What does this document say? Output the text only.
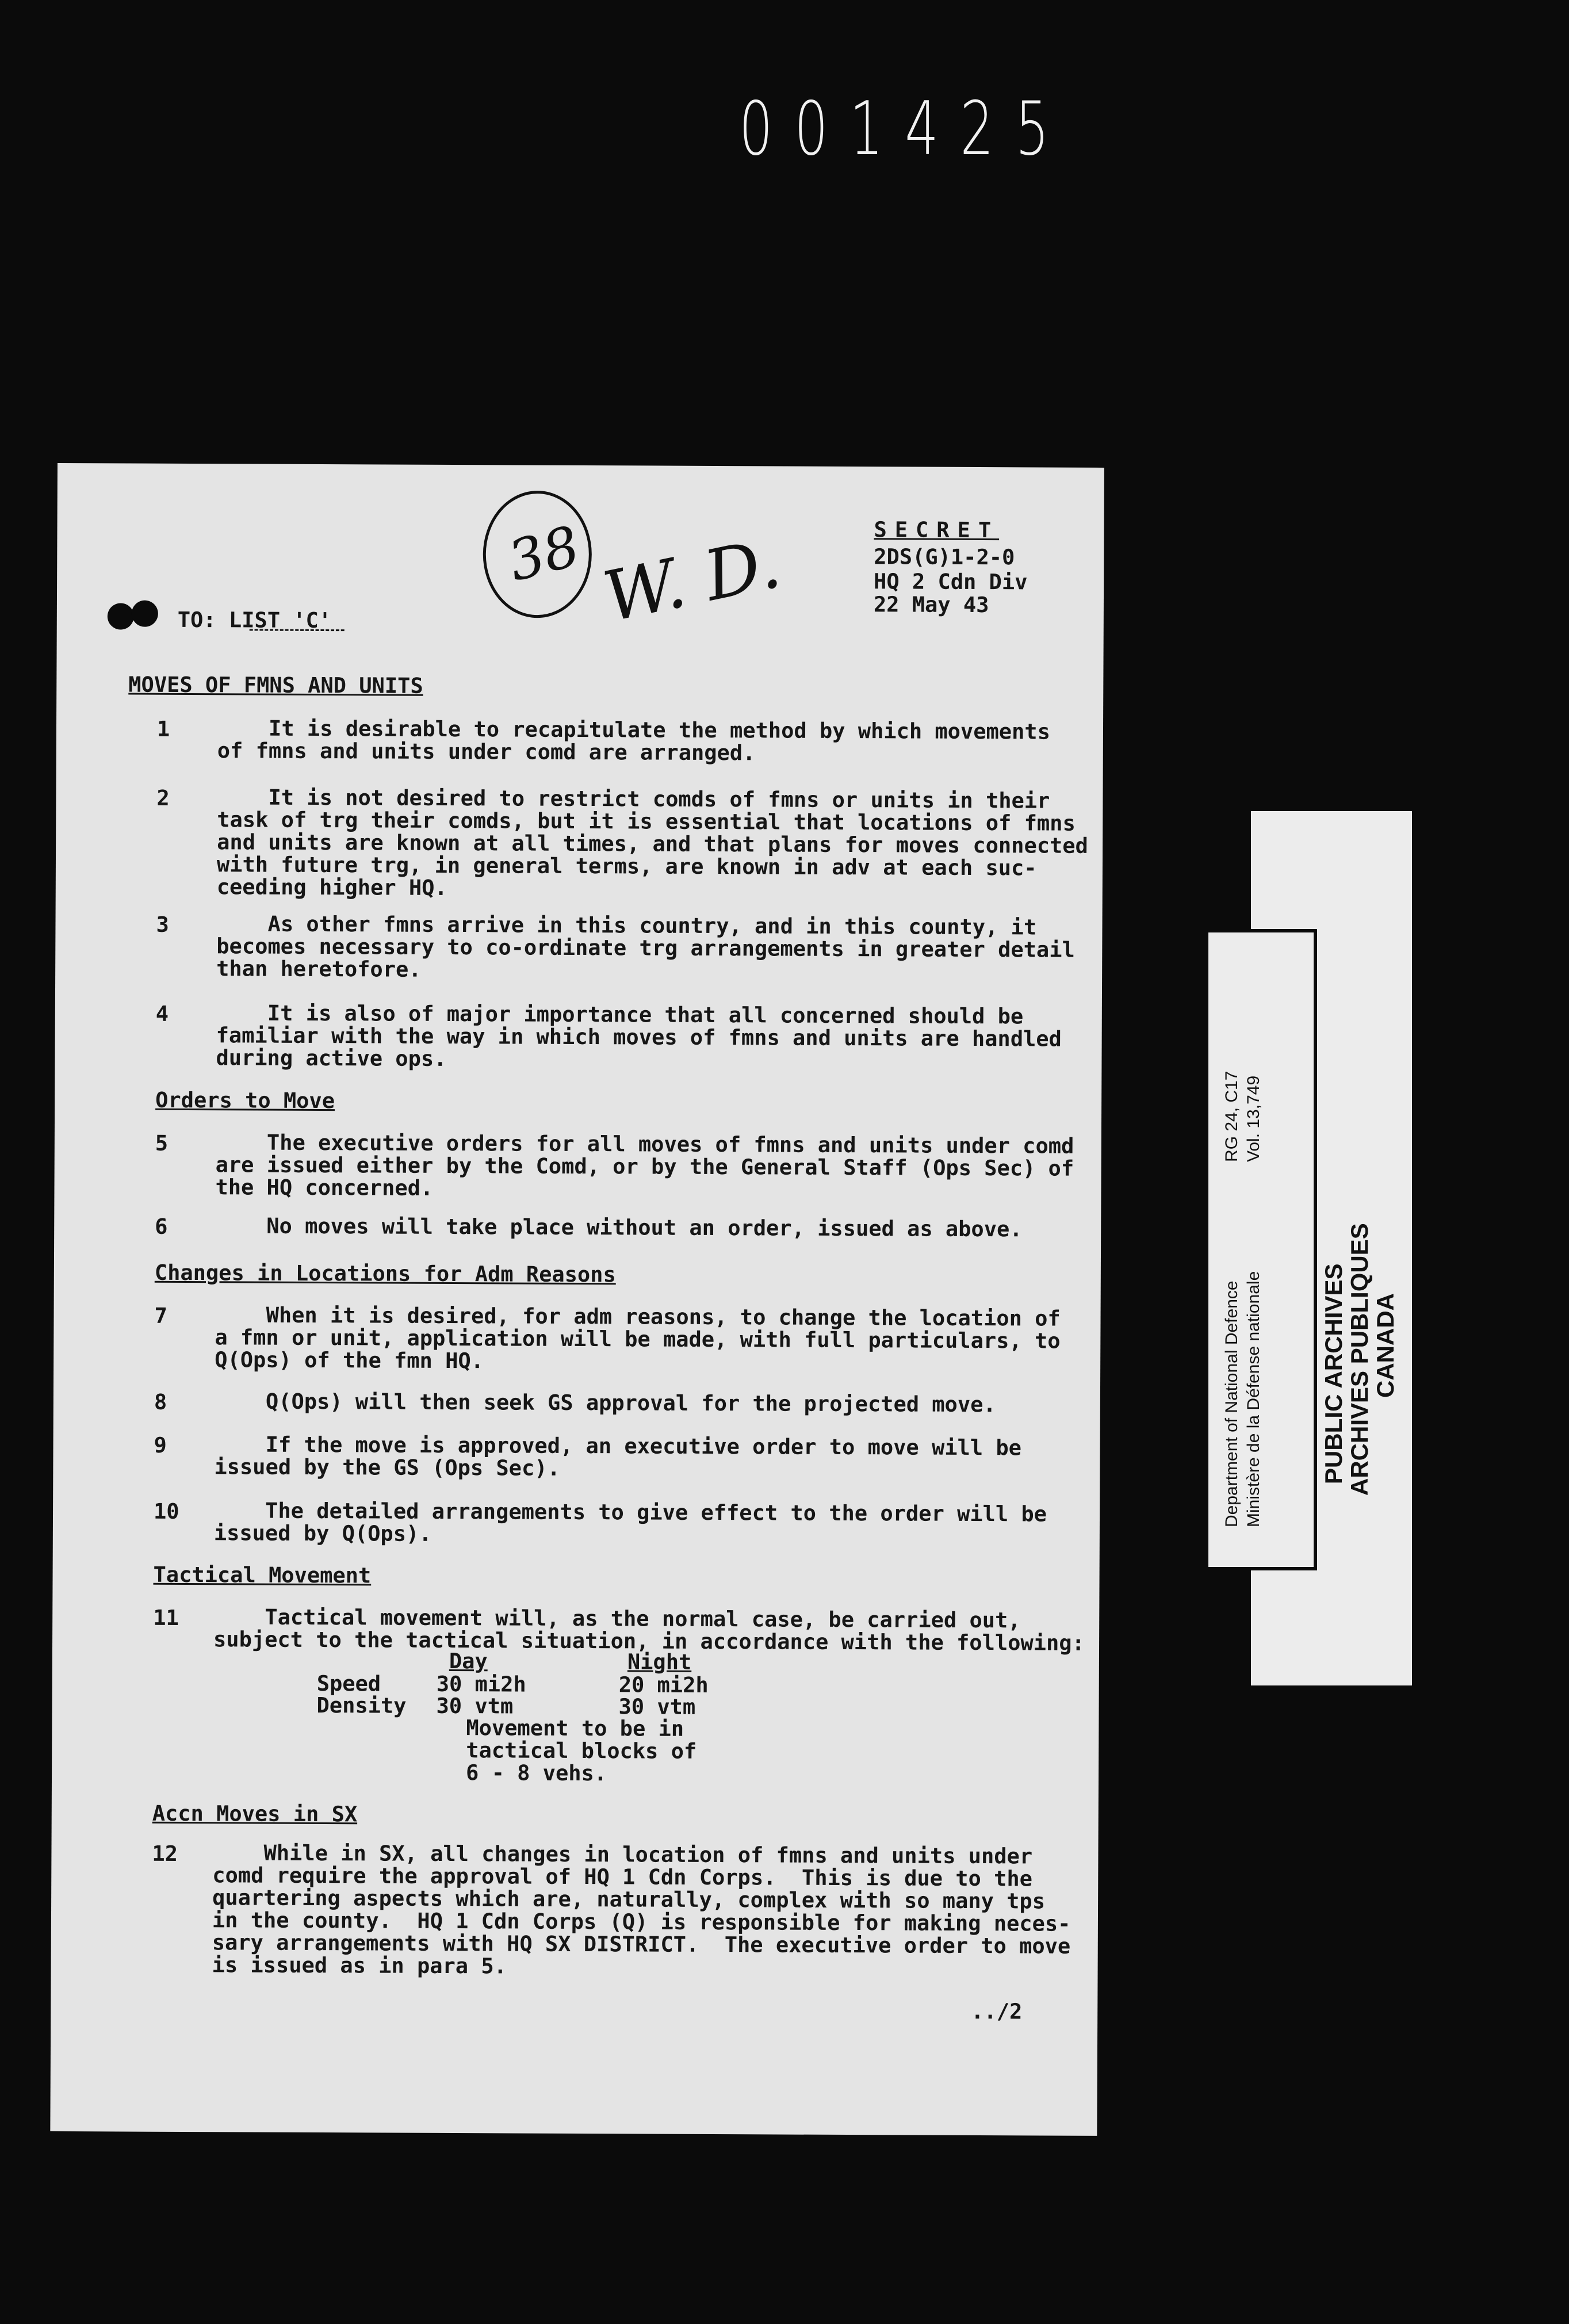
001425
38 W. D.	SECRET
2DS(G)1-2-0
HQ 2 Cdn Div
22 May 43
TO: LIST 'C'
MOVES OF FMNS AND UNITS
1 It is desirable to recapitulate the method by which movements
of fmns and units under comd are arranged.
2 It is not desired to restrict comds of fmns or units in their
task of trg their comds, but it is essential that locations of fmns
and units are known at all times, and that plans for moves connected
with future trg, in general terms, are known in adv at each suc-
ceeding higher HQ.
3 As other fmns arrive in this country, and in this county, it
becomes necessary to co-ordinate trg arrangements in greater detail
than heretofore.
4 It is also of major importance that all concerned should be
familiar with the way in which moves of fmns and units are handled
during active ops.
Orders to Move
5 The executive orders for all moves of fmns and units under comd
are issued either by the Comd, or by the General Staff (Ops Sec) of
the HQ concerned.
6 No moves will take place without an order, issued as above.
Changes in Locations for Adm Reasons
7 When it is desired, for adm reasons, to change the location of
a fmn or unit, application will be made, with full particulars, to
Q(Ops) of the fmn HQ.
8 Q(Ops) will then seek GS approval for the projected move.
9 If the move is approved, an executive order to move will be
issued by the GS (Ops Sec).
10 The detailed arrangements to give effect to the order will be
issued by Q(Ops).
Tactical Movement
11 Tactical movement will, as the normal case, be carried out,
subject to the tactical situation, in accordance with the following:
Day	Night
Speed	30 mi2h	20 mi2h
Density 30 vtm	30 vtm
Movement to be in
tactical blocks of
6 - 8 vehs.
Accn Moves in SX
12 While in SX, all changes in location of fmns and units under
comd require the approval of HQ 1 Cdn Corps.  This is due to the
quartering aspects which are, naturally, complex with so many tps
in the county.  HQ 1 Cdn Corps (Q) is responsible for making neces-
sary arrangements with HQ SX DISTRICT.  The executive order to move
is issued as in para 5.
../2
PUBLIC ARCHIVES
ARCHIVES PUBLIQUES
CANADA
Department of National Defence Ministère de la Défense nationale
RG 24, C17 Vol. 13,749
